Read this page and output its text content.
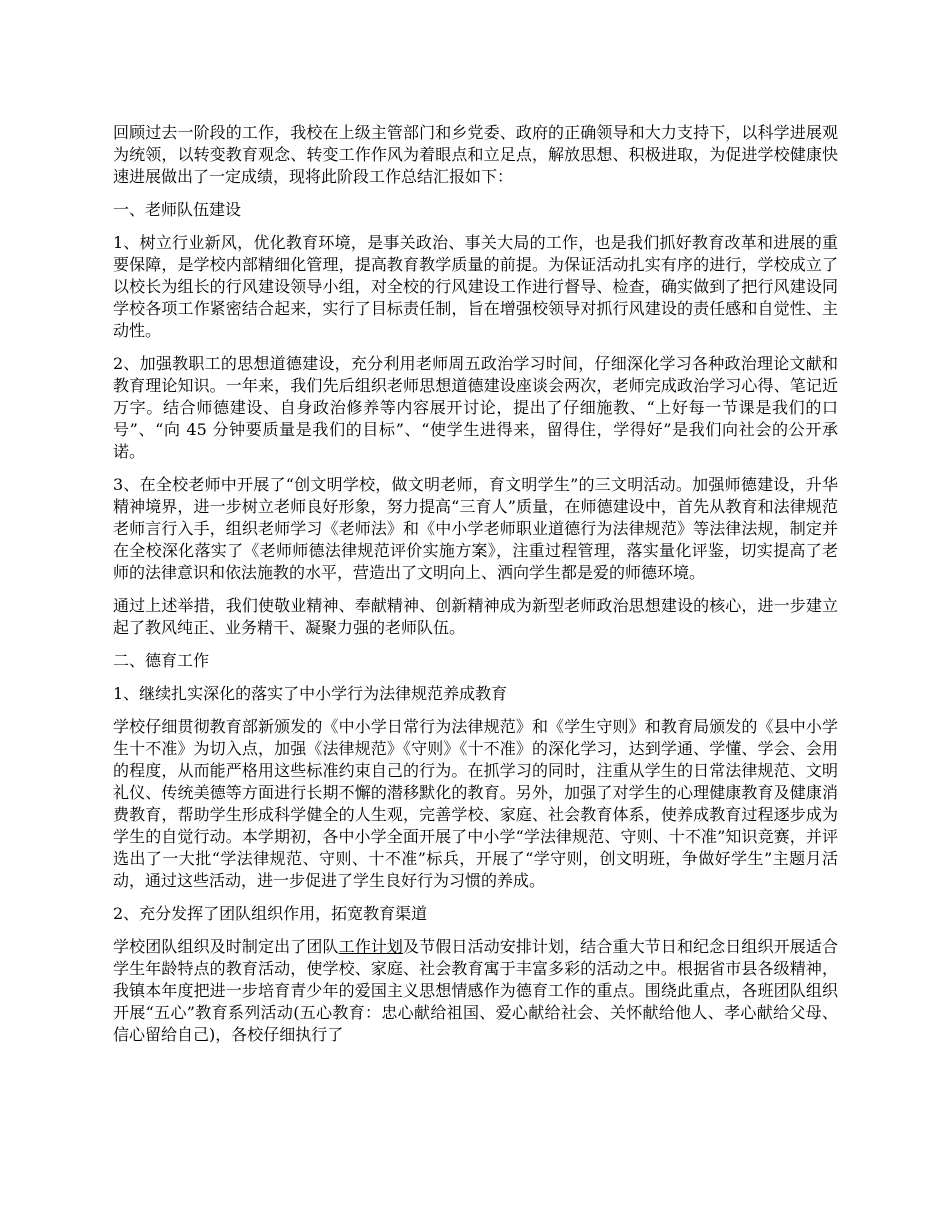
回顾过去一阶段的工作，我校在上级主管部门和乡党委、政府的正确领导和大力支持下，以科学进展观为统领，以转变教育观念、转变工作作风为着眼点和立足点，解放思想、积极进取，为促进学校健康快速进展做出了一定成绩，现将此阶段工作总结汇报如下：

一、老师队伍建设

1、树立行业新风，优化教育环境，是事关政治、事关大局的工作，也是我们抓好教育改革和进展的重要保障，是学校内部精细化管理，提高教育教学质量的前提。为保证活动扎实有序的进行，学校成立了以校长为组长的行风建设领导小组，对全校的行风建设工作进行督导、检查，确实做到了把行风建设同学校各项工作紧密结合起来，实行了目标责任制，旨在增强校领导对抓行风建设的责任感和自觉性、主动性。

2、加强教职工的思想道德建设，充分利用老师周五政治学习时间，仔细深化学习各种政治理论文献和教育理论知识。一年来，我们先后组织老师思想道德建设座谈会两次，老师完成政治学习心得、笔记近万字。结合师德建设、自身政治修养等内容展开讨论，提出了仔细施教、“上好每一节课是我们的口号”、“向 45 分钟要质量是我们的目标”、“使学生进得来，留得住，学得好”是我们向社会的公开承诺。

3、在全校老师中开展了“创文明学校，做文明老师，育文明学生”的三文明活动。加强师德建设，升华精神境界，进一步树立老师良好形象，努力提高“三育人”质量，在师德建设中，首先从教育和法律规范老师言行入手，组织老师学习《老师法》和《中小学老师职业道德行为法律规范》等法律法规，制定并在全校深化落实了《老师师德法律规范评价实施方案》，注重过程管理，落实量化评鉴，切实提高了老师的法律意识和依法施教的水平，营造出了文明向上、洒向学生都是爱的师德环境。

通过上述举措，我们使敬业精神、奉献精神、创新精神成为新型老师政治思想建设的核心，进一步建立起了教风纯正、业务精干、凝聚力强的老师队伍。

二、德育工作

1、继续扎实深化的落实了中小学行为法律规范养成教育

学校仔细贯彻教育部新颁发的《中小学日常行为法律规范》和《学生守则》和教育局颁发的《县中小学生十不准》为切入点，加强《法律规范》《守则》《十不准》的深化学习，达到学通、学懂、学会、会用的程度，从而能严格用这些标准约束自己的行为。在抓学习的同时，注重从学生的日常法律规范、文明礼仪、传统美德等方面进行长期不懈的潜移默化的教育。另外，加强了对学生的心理健康教育及健康消费教育，帮助学生形成科学健全的人生观，完善学校、家庭、社会教育体系，使养成教育过程逐步成为学生的自觉行动。本学期初，各中小学全面开展了中小学“学法律规范、守则、十不准”知识竞赛，并评选出了一大批“学法律规范、守则、十不准”标兵，开展了“学守则，创文明班，争做好学生”主题月活动，通过这些活动，进一步促进了学生良好行为习惯的养成。

2、充分发挥了团队组织作用，拓宽教育渠道

学校团队组织及时制定出了团队工作计划及节假日活动安排计划，结合重大节日和纪念日组织开展适合学生年龄特点的教育活动，使学校、家庭、社会教育寓于丰富多彩的活动之中。根据省市县各级精神，我镇本年度把进一步培育青少年的爱国主义思想情感作为德育工作的重点。围绕此重点，各班团队组织开展“五心”教育系列活动(五心教育：忠心献给祖国、爱心献给社会、关怀献给他人、孝心献给父母、信心留给自己)，各校仔细执行了
